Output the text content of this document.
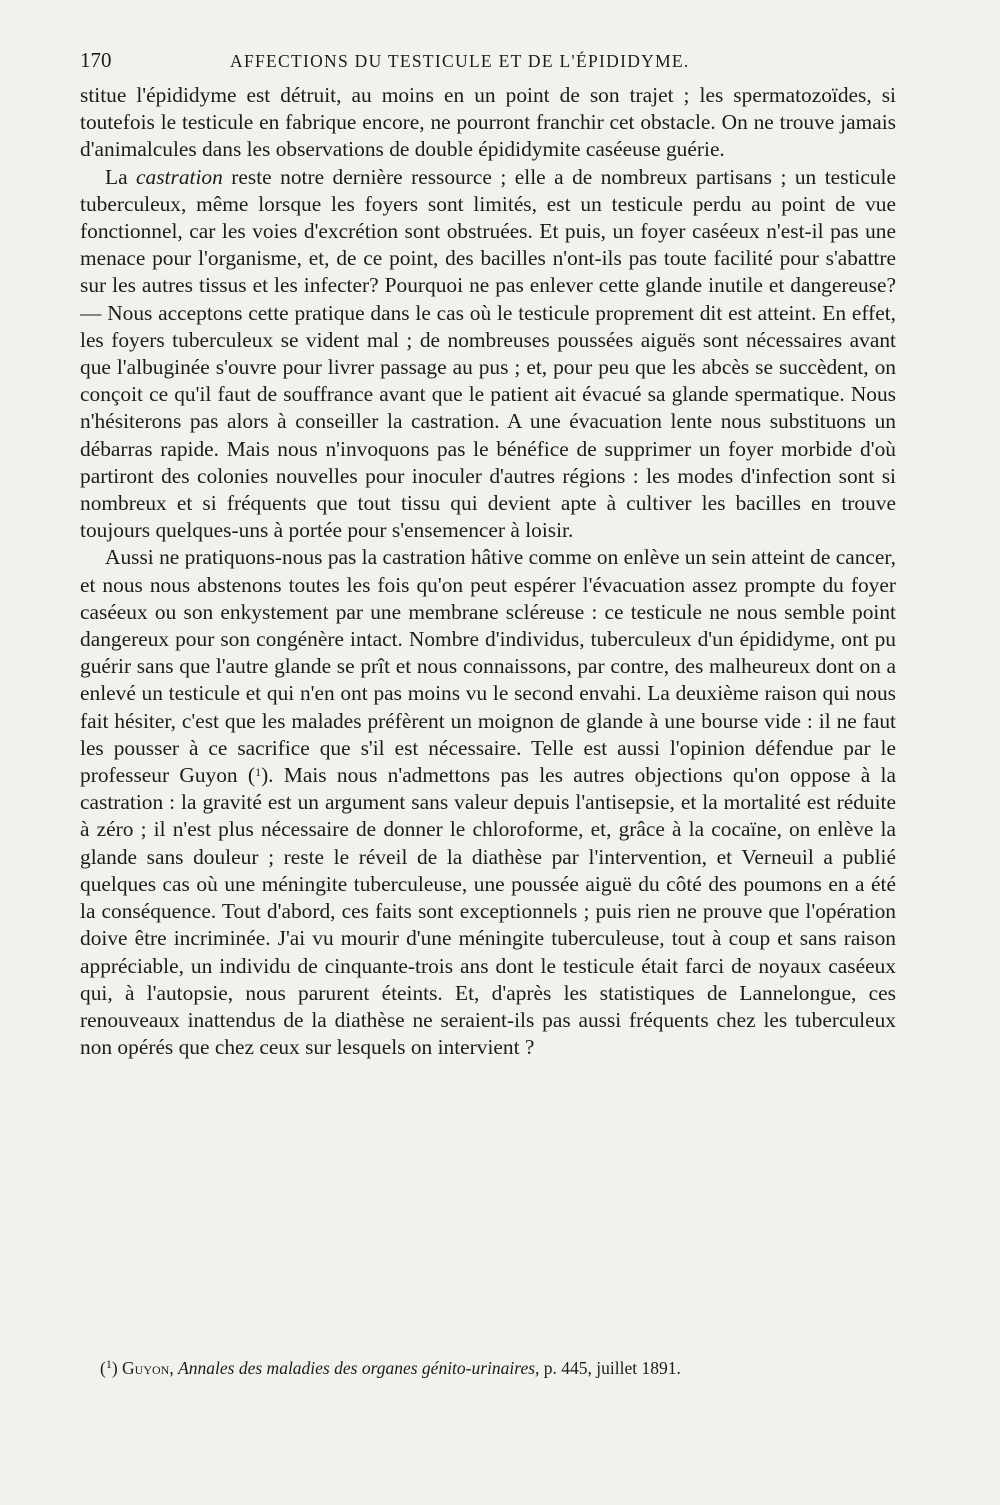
170	AFFECTIONS DU TESTICULE ET DE L'ÉPIDIDYME.

stitue l'épididyme est détruit, au moins en un point de son trajet ; les spermatozoïdes, si toutefois le testicule en fabrique encore, ne pourront franchir cet obstacle. On ne trouve jamais d'animalcules dans les observations de double épididymite caséeuse guérie.

La castration reste notre dernière ressource ; elle a de nombreux partisans ; un testicule tuberculeux, même lorsque les foyers sont limités, est un testicule perdu au point de vue fonctionnel, car les voies d'excrétion sont obstruées. Et puis, un foyer caséeux n'est-il pas une menace pour l'organisme, et, de ce point, des bacilles n'ont-ils pas toute facilité pour s'abattre sur les autres tissus et les infecter? Pourquoi ne pas enlever cette glande inutile et dangereuse? — Nous acceptons cette pratique dans le cas où le testicule proprement dit est atteint. En effet, les foyers tuberculeux se vident mal ; de nombreuses poussées aiguës sont nécessaires avant que l'albuginée s'ouvre pour livrer passage au pus ; et, pour peu que les abcès se succèdent, on conçoit ce qu'il faut de souffrance avant que le patient ait évacué sa glande spermatique. Nous n'hésiterons pas alors à conseiller la castration. A une évacuation lente nous substituons un débarras rapide. Mais nous n'invoquons pas le bénéfice de supprimer un foyer morbide d'où partiront des colonies nouvelles pour inoculer d'autres régions : les modes d'infection sont si nombreux et si fréquents que tout tissu qui devient apte à cultiver les bacilles en trouve toujours quelques-uns à portée pour s'ensemencer à loisir.

Aussi ne pratiquons-nous pas la castration hâtive comme on enlève un sein atteint de cancer, et nous nous abstenons toutes les fois qu'on peut espérer l'évacuation assez prompte du foyer caséeux ou son enkystement par une membrane scléreuse : ce testicule ne nous semble point dangereux pour son congénère intact. Nombre d'individus, tuberculeux d'un épididyme, ont pu guérir sans que l'autre glande se prît et nous connaissons, par contre, des malheureux dont on a enlevé un testicule et qui n'en ont pas moins vu le second envahi. La deuxième raison qui nous fait hésiter, c'est que les malades préfèrent un moignon de glande à une bourse vide : il ne faut les pousser à ce sacrifice que s'il est nécessaire. Telle est aussi l'opinion défendue par le professeur Guyon ($^1$). Mais nous n'admettons pas les autres objections qu'on oppose à la castration : la gravité est un argument sans valeur depuis l'antisepsie, et la mortalité est réduite à zéro ; il n'est plus nécessaire de donner le chloroforme, et, grâce à la cocaïne, on enlève la glande sans douleur ; reste le réveil de la diathèse par l'intervention, et Verneuil a publié quelques cas où une méningite tuberculeuse, une poussée aiguë du côté des poumons en a été la conséquence. Tout d'abord, ces faits sont exceptionnels ; puis rien ne prouve que l'opération doive être incriminée. J'ai vu mourir d'une méningite tuberculeuse, tout à coup et sans raison appréciable, un individu de cinquante-trois ans dont le testicule était farci de noyaux caséeux qui, à l'autopsie, nous parurent éteints. Et, d'après les statistiques de Lannelongue, ces renouveaux inattendus de la diathèse ne seraient-ils pas aussi fréquents chez les tuberculeux non opérés que chez ceux sur lesquels on intervient ?

($^1$) Guyon, Annales des maladies des organes génito-urinaires, p. 445, juillet 1891.
